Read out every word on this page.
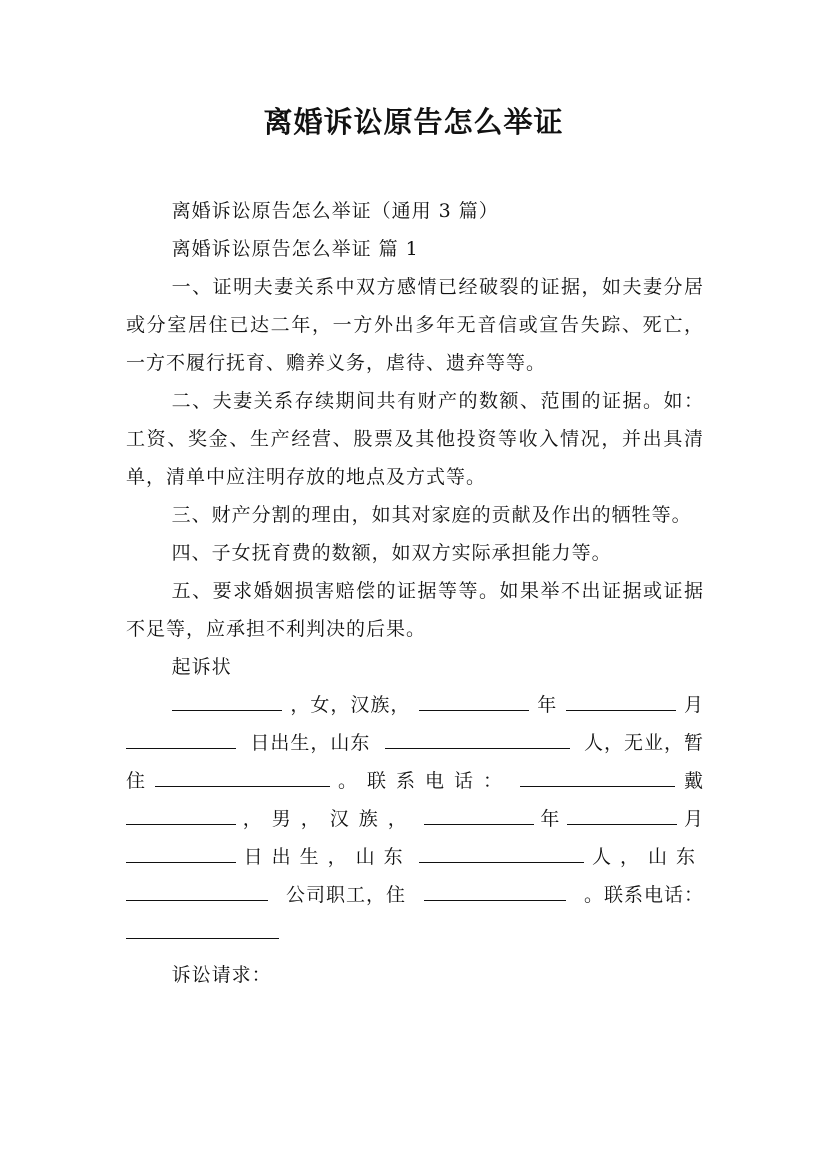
离婚诉讼原告怎么举证

离婚诉讼原告怎么举证（通用 3 篇）

离婚诉讼原告怎么举证 篇 1

一、证明夫妻关系中双方感情已经破裂的证据，如夫妻分居或分室居住已达二年，一方外出多年无音信或宣告失踪、死亡，一方不履行抚育、赡养义务，虐待、遗弃等等。

二、夫妻关系存续期间共有财产的数额、范围的证据。如：工资、奖金、生产经营、股票及其他投资等收入情况，并出具清单，清单中应注明存放的地点及方式等。

三、财产分割的理由，如其对家庭的贡献及作出的牺牲等。

四、子女抚育费的数额，如双方实际承担能力等。

五、要求婚姻损害赔偿的证据等等。如果举不出证据或证据不足等，应承担不利判决的后果。

起诉状

，女，汉族，	年	月
日出生，山东	人，无业，暂
住	。联系电话：	戴
，男，汉族，	年	月
日出生，山东	人，山东
公司职工，住	。联系电话：

诉讼请求：
